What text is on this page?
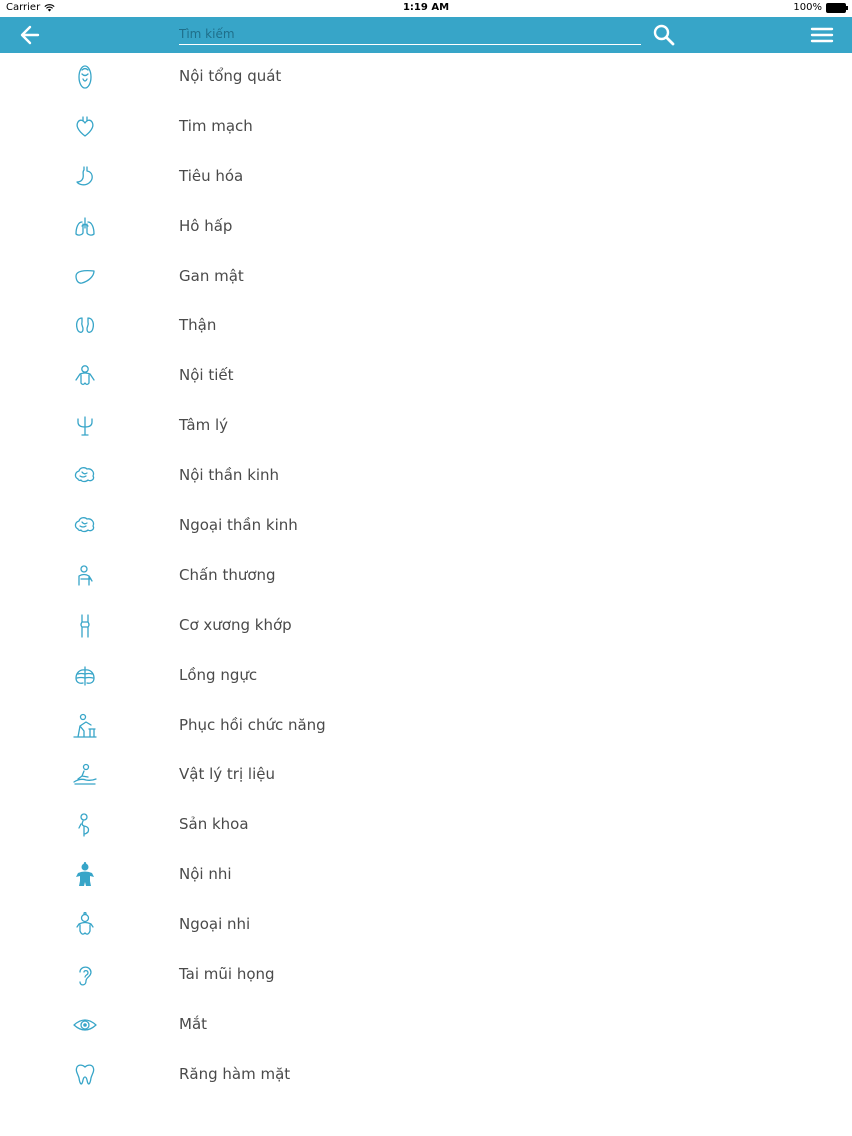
Carrier	1:19 AM	100%
Tìm kiếm
Nội tổng quát
Tim mạch
Tiêu hóa
Hô hấp
Gan mật
Thận
Nội tiết
Tâm lý
Nội thần kinh
Ngoại thần kinh
Chấn thương
Cơ xương khớp
Lồng ngực
Phục hồi chức năng
Vật lý trị liệu
Sản khoa
Nội nhi
Ngoại nhi
Tai mũi họng
Mắt
Răng hàm mặt
